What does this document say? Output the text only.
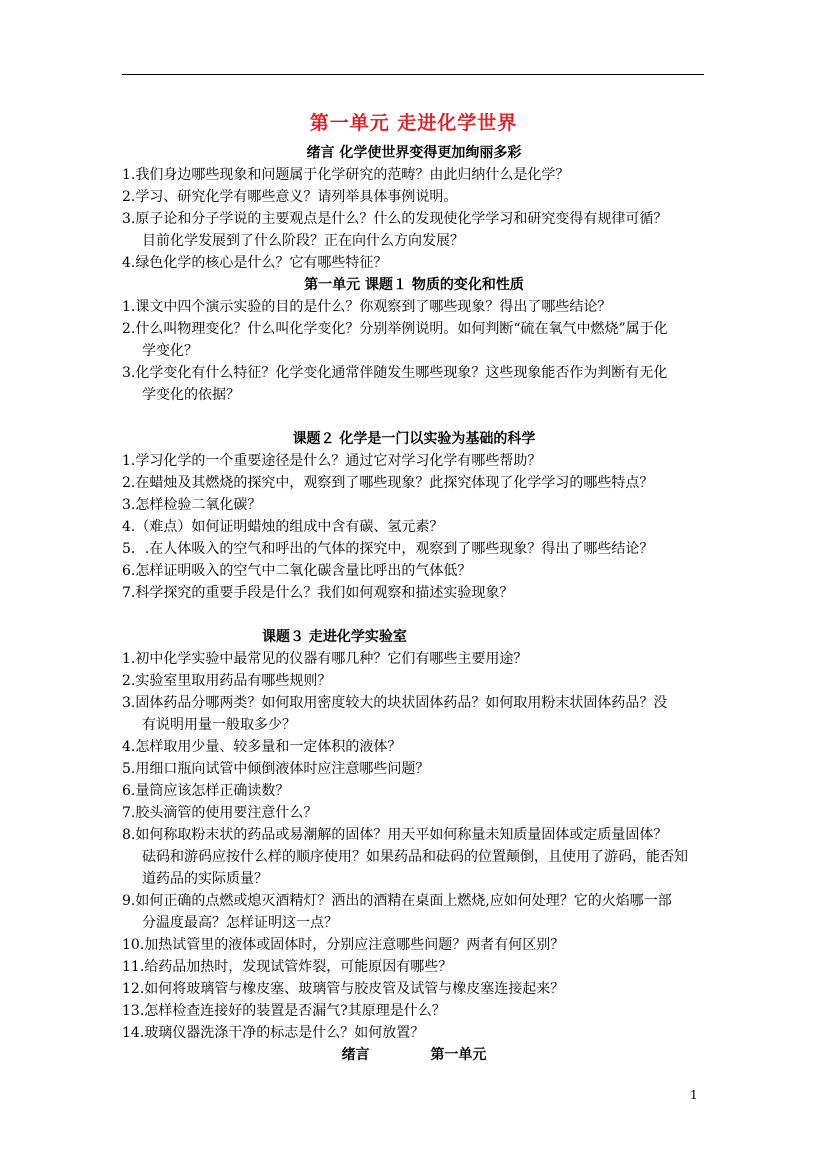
第一单元 走进化学世界
绪言 化学使世界变得更加绚丽多彩
1.我们身边哪些现象和问题属于化学研究的范畴？由此归纳什么是化学？
2.学习、研究化学有哪些意义？请列举具体事例说明。
3.原子论和分子学说的主要观点是什么？什么的发现使化学学习和研究变得有规律可循？
目前化学发展到了什么阶段？正在向什么方向发展？
4.绿色化学的核心是什么？它有哪些特征？
第一单元 课题１ 物质的变化和性质
1.课文中四个演示实验的目的是什么？你观察到了哪些现象？得出了哪些结论？
2.什么叫物理变化？什么叫化学变化？分别举例说明。如何判断“硫在氧气中燃烧”属于化
学变化？
3.化学变化有什么特征？化学变化通常伴随发生哪些现象？这些现象能否作为判断有无化
学变化的依据？
课题２ 化学是一门以实验为基础的科学
1.学习化学的一个重要途径是什么？通过它对学习化学有哪些帮助？
2.在蜡烛及其燃烧的探究中，观察到了哪些现象？此探究体现了化学学习的哪些特点？
3.怎样检验二氧化碳？
4.（难点）如何证明蜡烛的组成中含有碳、氢元素？
5．.在人体吸入的空气和呼出的气体的探究中，观察到了哪些现象？得出了哪些结论？
6.怎样证明吸入的空气中二氧化碳含量比呼出的气体低？
7.科学探究的重要手段是什么？我们如何观察和描述实验现象？
课题３ 走进化学实验室
1.初中化学实验中最常见的仪器有哪几种？它们有哪些主要用途？
2.实验室里取用药品有哪些规则？
3.固体药品分哪两类？如何取用密度较大的块状固体药品？如何取用粉末状固体药品？没
有说明用量一般取多少？
4.怎样取用少量、较多量和一定体积的液体？
5.用细口瓶向试管中倾倒液体时应注意哪些问题？
6.量筒应该怎样正确读数？
7.胶头滴管的使用要注意什么？
8.如何称取粉末状的药品或易潮解的固体？用天平如何称量未知质量固体或定质量固体？
砝码和游码应按什么样的顺序使用？如果药品和砝码的位置颠倒，且使用了游码，能否知
道药品的实际质量？
9.如何正确的点燃或熄灭酒精灯？洒出的酒精在桌面上燃烧,应如何处理？它的火焰哪一部
分温度最高？怎样证明这一点？
10.加热试管里的液体或固体时，分别应注意哪些问题？两者有何区别？
11.给药品加热时，发现试管炸裂，可能原因有哪些？
12.如何将玻璃管与橡皮塞、玻璃管与胶皮管及试管与橡皮塞连接起来？
13.怎样检查连接好的装置是否漏气?其原理是什么？
14.玻璃仪器洗涤干净的标志是什么？如何放置？
绪言	第一单元
1
